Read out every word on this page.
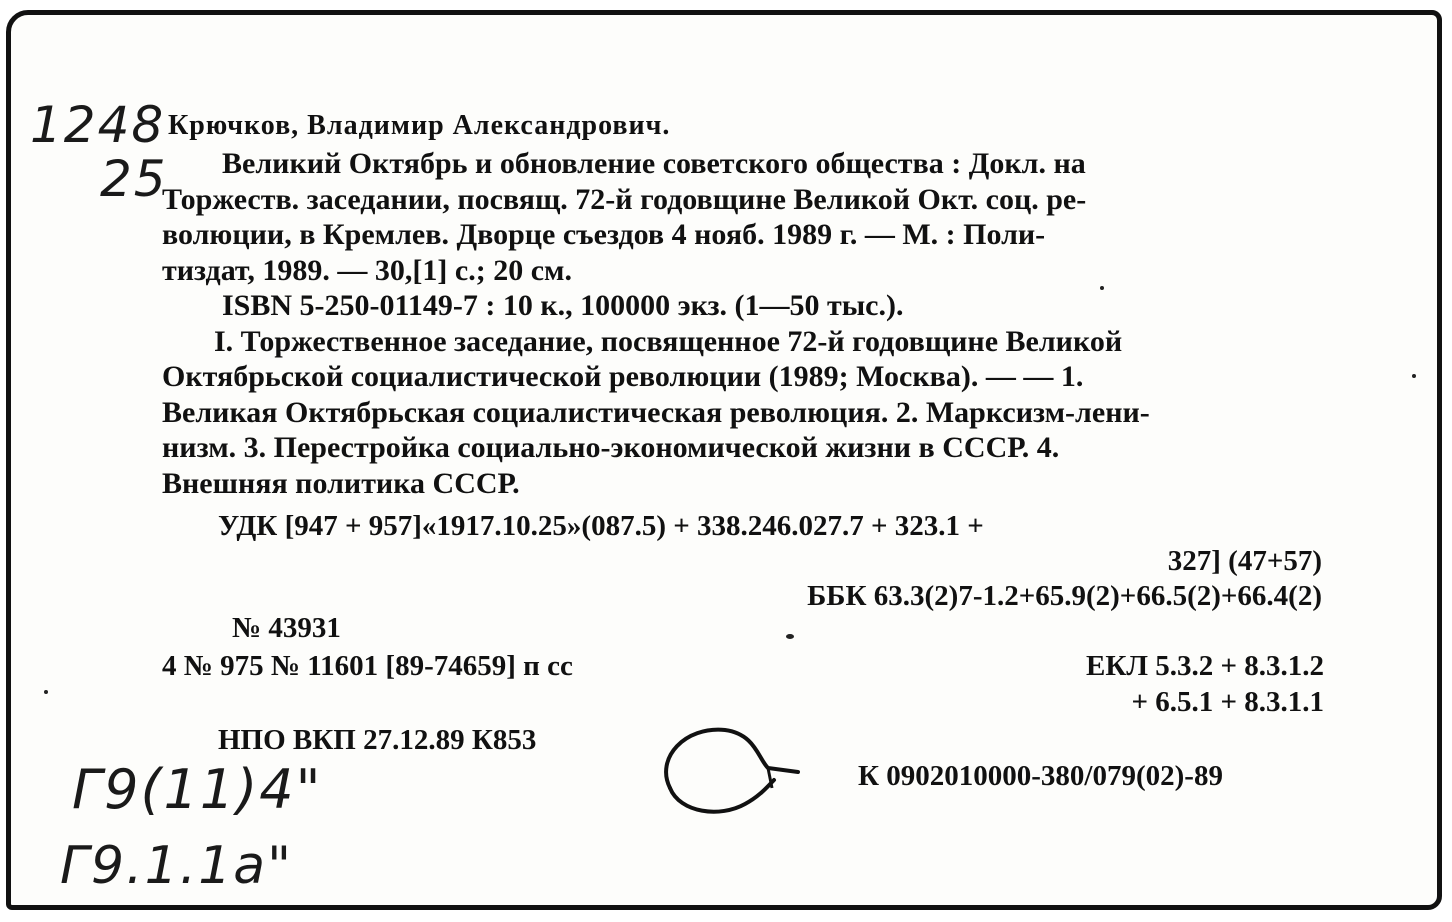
1248
25
Г9(11)4"
Г9.1.1а"
Крючков, Владимир Александрович.
Великий Октябрь и обновление советского общества : Докл. на
Торжеств. заседании, посвящ. 72-й годовщине Великой Окт. соц. ре-
волюции, в Кремлев. Дворце съездов 4 нояб. 1989 г. — М. : Поли-
тиздат, 1989. — 30,[1] с.; 20 см.
ISBN 5-250-01149-7 : 10 к., 100000 экз. (1—50 тыс.).
I. Торжественное заседание, посвященное 72-й годовщине Великой
Октябрьской социалистической революции (1989; Москва). — — 1.
Великая Октябрьская социалистическая революция. 2. Марксизм-лени-
низм. 3. Перестройка социально-экономической жизни в СССР. 4.
Внешняя политика СССР.
УДК [947 + 957]«1917.10.25»(087.5) + 338.246.027.7 + 323.1 +
327] (47+57)
ББК 63.3(2)7-1.2+65.9(2)+66.5(2)+66.4(2)
№ 43931
4 № 975 № 11601 [89-74659] п сс	ЕКЛ 5.3.2 + 8.3.1.2
+ 6.5.1 + 8.3.1.1
НПО ВКП 27.12.89 К853
К 0902010000-380/079(02)-89
